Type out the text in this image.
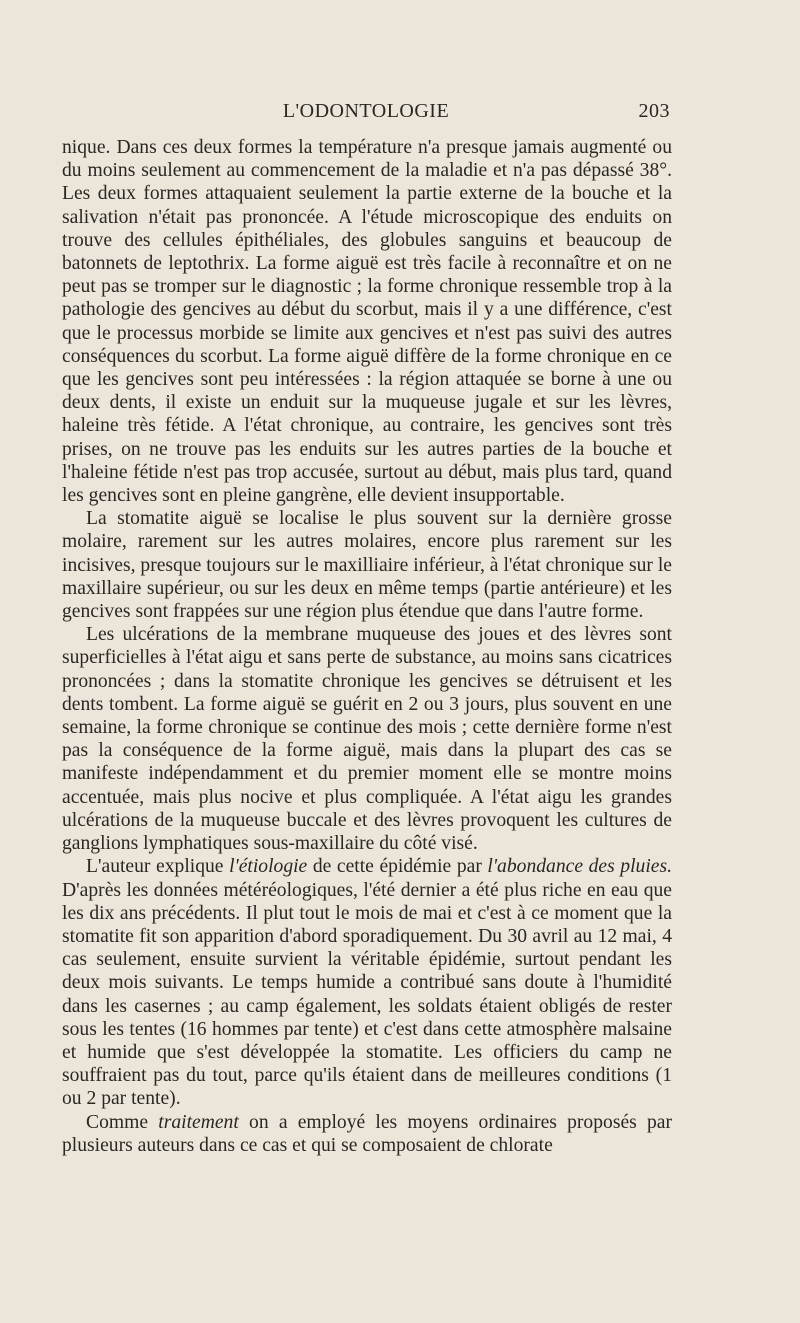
L'ODONTOLOGIE	203

nique. Dans ces deux formes la température n'a presque jamais augmenté ou du moins seulement au commencement de la maladie et n'a pas dépassé 38°. Les deux formes attaquaient seulement la partie externe de la bouche et la salivation n'était pas prononcée. A l'étude microscopique des enduits on trouve des cellules épithéliales, des globules sanguins et beaucoup de batonnets de leptothrix. La forme aiguë est très facile à reconnaître et on ne peut pas se tromper sur le diagnostic ; la forme chronique ressemble trop à la pathologie des gencives au début du scorbut, mais il y a une différence, c'est que le processus morbide se limite aux gencives et n'est pas suivi des autres conséquences du scorbut. La forme aiguë diffère de la forme chronique en ce que les gencives sont peu intéressées : la région attaquée se borne à une ou deux dents, il existe un enduit sur la muqueuse jugale et sur les lèvres, haleine très fétide. A l'état chronique, au contraire, les gencives sont très prises, on ne trouve pas les enduits sur les autres parties de la bouche et l'haleine fétide n'est pas trop accusée, surtout au début, mais plus tard, quand les gencives sont en pleine gangrène, elle devient insupportable.

La stomatite aiguë se localise le plus souvent sur la dernière grosse molaire, rarement sur les autres molaires, encore plus rarement sur les incisives, presque toujours sur le maxilliaire inférieur, à l'état chronique sur le maxillaire supérieur, ou sur les deux en même temps (partie antérieure) et les gencives sont frappées sur une région plus étendue que dans l'autre forme.

Les ulcérations de la membrane muqueuse des joues et des lèvres sont superficielles à l'état aigu et sans perte de substance, au moins sans cicatrices prononcées ; dans la stomatite chronique les gencives se détruisent et les dents tombent. La forme aiguë se guérit en 2 ou 3 jours, plus souvent en une semaine, la forme chronique se continue des mois ; cette dernière forme n'est pas la conséquence de la forme aiguë, mais dans la plupart des cas se manifeste indépendamment et du premier moment elle se montre moins accentuée, mais plus nocive et plus compliquée. A l'état aigu les grandes ulcérations de la muqueuse buccale et des lèvres provoquent les cultures de ganglions lymphatiques sous-maxillaire du côté visé.

L'auteur explique l'étiologie de cette épidémie par l'abondance des pluies. D'après les données météréologiques, l'été dernier a été plus riche en eau que les dix ans précédents. Il plut tout le mois de mai et c'est à ce moment que la stomatite fit son apparition d'abord sporadiquement. Du 30 avril au 12 mai, 4 cas seulement, ensuite survient la véritable épidémie, surtout pendant les deux mois suivants. Le temps humide a contribué sans doute à l'humidité dans les casernes ; au camp également, les soldats étaient obligés de rester sous les tentes (16 hommes par tente) et c'est dans cette atmosphère malsaine et humide que s'est développée la stomatite. Les officiers du camp ne souffraient pas du tout, parce qu'ils étaient dans de meilleures conditions (1 ou 2 par tente).

Comme traitement on a employé les moyens ordinaires proposés par plusieurs auteurs dans ce cas et qui se composaient de chlorate
